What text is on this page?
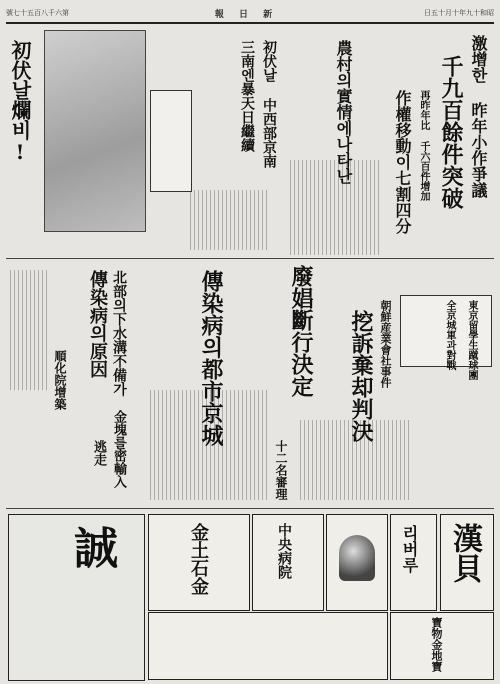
號七十五百八千六第	報 日 新	日五十月十年九十和昭
初伏날爛비!	激增한 昨年小作爭議
千九百餘件突破
再昨年比 千六百件增加
作權移動이七割四分
農村의實情에나타난
初伏날 中西部京南
三南엔暴天日繼續
傳染病의都市京城	廢娼斷行決定 挖訴棄却判決 朝鮮産業會社事件	東京留學生蹴球團
全京城軍과對戰
北部의下水溝不備가
傳染病의原因
順化院增築
十二名審理
金塊를密輸入
逃走
誠	金土石金	中央病院	리버루 漢貝
寶物金地寶
